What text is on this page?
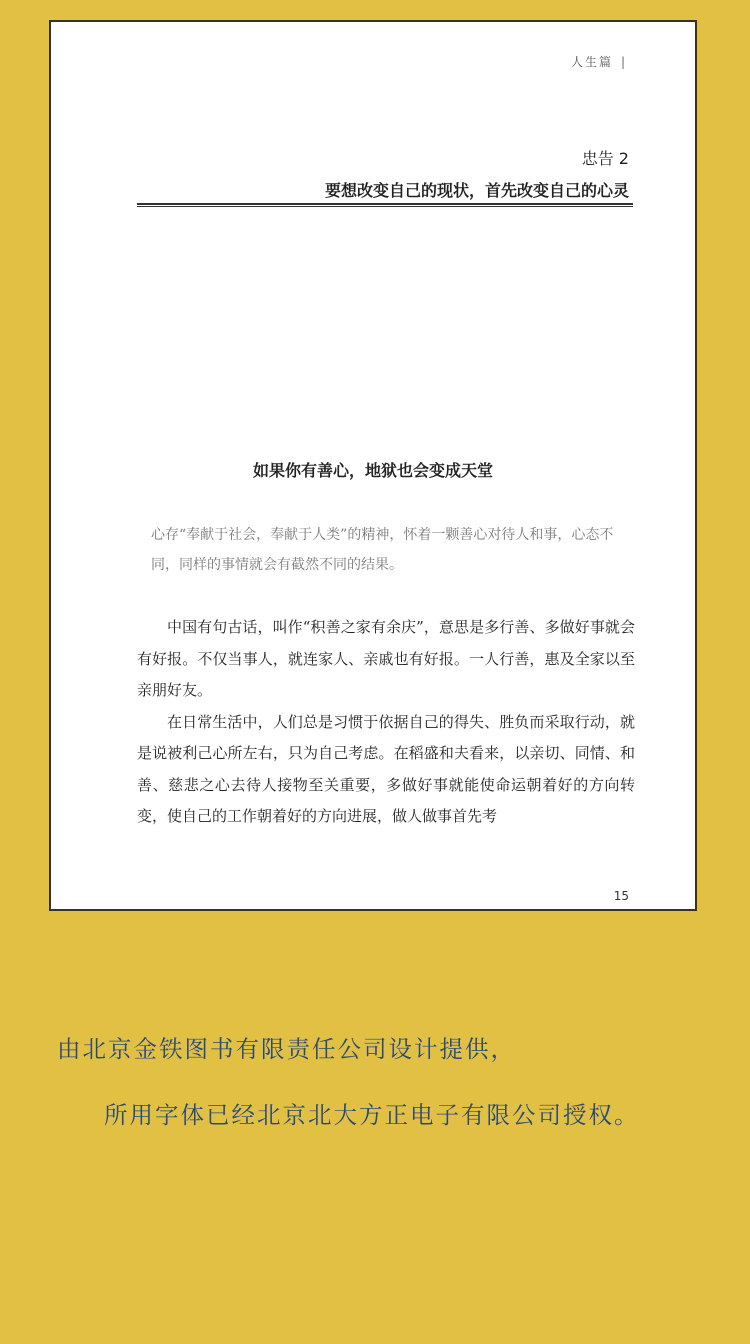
人生篇 |
忠告 2
要想改变自己的现状，首先改变自己的心灵
如果你有善心，地狱也会变成天堂
心存“奉献于社会，奉献于人类”的精神，怀着一颗善心对待人和事，心态不同，同样的事情就会有截然不同的结果。

中国有句古话，叫作“积善之家有余庆”，意思是多行善、多做好事就会有好报。不仅当事人，就连家人、亲戚也有好报。一人行善，惠及全家以至亲朋好友。

在日常生活中，人们总是习惯于依据自己的得失、胜负而采取行动，就是说被利己心所左右，只为自己考虑。在稻盛和夫看来，以亲切、同情、和善、慈悲之心去待人接物至关重要，多做好事就能使命运朝着好的方向转变，使自己的工作朝着好的方向进展，做人做事首先考

15
由北京金铁图书有限责任公司设计提供，
所用字体已经北京北大方正电子有限公司授权。
